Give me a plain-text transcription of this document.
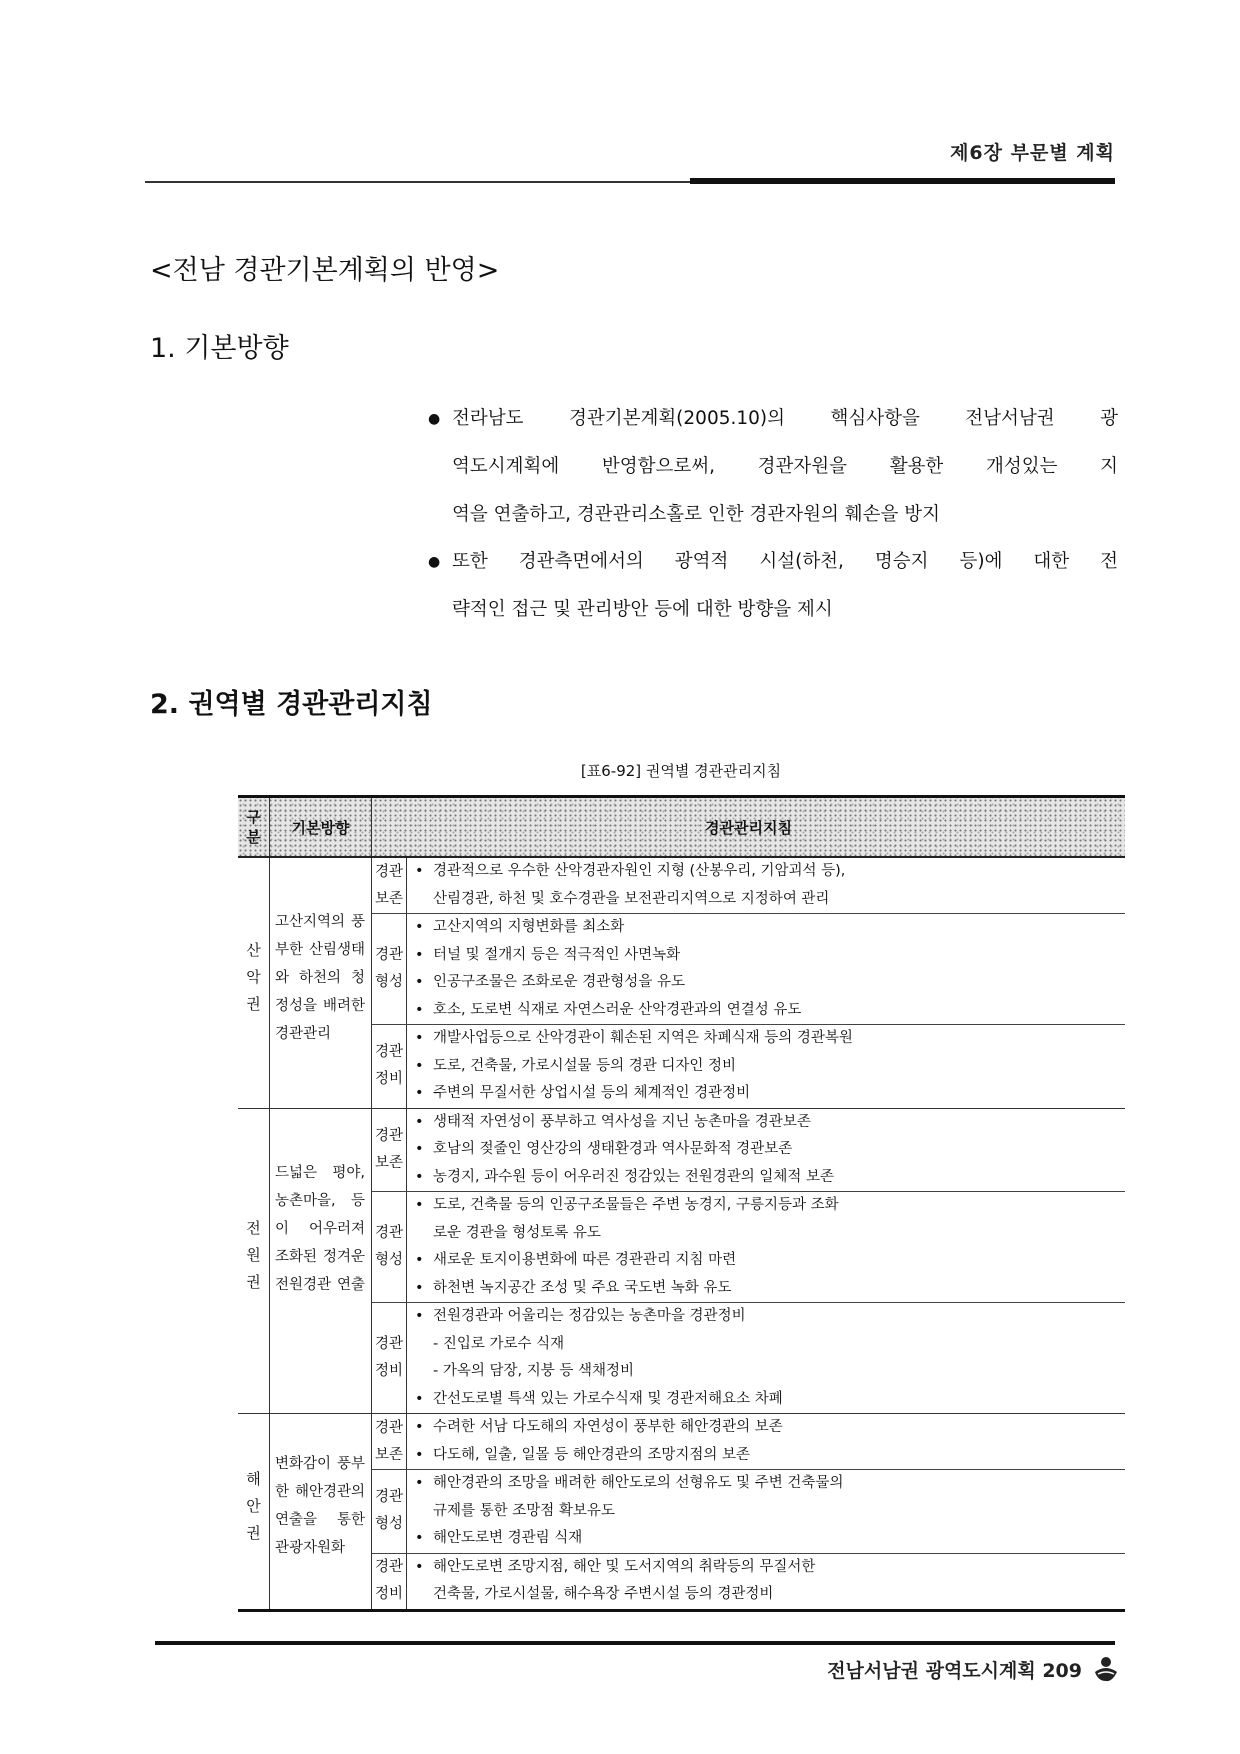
제6장 부문별 계획
<전남 경관기본계획의 반영>
1. 기본방향
● 전라남도 경관기본계획(2005.10)의 핵심사항을 전남서남권 광
역도시계획에 반영함으로써, 경관자원을 활용한 개성있는 지
역을 연출하고, 경관관리소홀로 인한 경관자원의 훼손을 방지
● 또한 경관측면에서의 광역적 시설(하천, 명승지 등)에 대한 전
략적인 접근 및 관리방안 등에 대한 방향을 제시
2. 권역별 경관관리지침
[표6-92] 권역별 경관관리지침
구
분
기본방향	경관관리지침
산악권
고산지역의 풍부한 산림생태와 하천의 청정성을 배려한 경관관리
경관 보존
• 경관적으로 우수한 산악경관자원인 지형 (산봉우리, 기암괴석 등),
산림경관, 하천 및 호수경관을 보전관리지역으로 지정하여 관리
경관 형성
• 고산지역의 지형변화를 최소화
• 터널 및 절개지 등은 적극적인 사면녹화
• 인공구조물은 조화로운 경관형성을 유도
• 호소, 도로변 식재로 자연스러운 산악경관과의 연결성 유도
경관 정비
• 개발사업등으로 산악경관이 훼손된 지역은 차폐식재 등의 경관복원
• 도로, 건축물, 가로시설물 등의 경관 디자인 정비
• 주변의 무질서한 상업시설 등의 체계적인 경관정비
전원권
드넓은 평야, 농촌마을, 등이 어우러져 조화된 정겨운 전원경관 연출
경관 보존
• 생태적 자연성이 풍부하고 역사성을 지닌 농촌마을 경관보존
• 호남의 젖줄인 영산강의 생태환경과 역사문화적 경관보존
• 농경지, 과수원 등이 어우러진 정감있는 전원경관의 일체적 보존
경관 형성
• 도로, 건축물 등의 인공구조물들은 주변 농경지, 구릉지등과 조화
로운 경관을 형성토록 유도
• 새로운 토지이용변화에 따른 경관관리 지침 마련
• 하천변 녹지공간 조성 및 주요 국도변 녹화 유도
경관 정비
• 전원경관과 어울리는 정감있는 농촌마을 경관정비
- 진입로 가로수 식재
- 가옥의 담장, 지붕 등 색채정비
• 간선도로별 특색 있는 가로수식재 및 경관저해요소 차폐
해안권
변화감이 풍부한 해안경관의 연출을 통한 관광자원화
경관 보존
• 수려한 서남 다도해의 자연성이 풍부한 해안경관의 보존
• 다도해, 일출, 일몰 등 해안경관의 조망지점의 보존
경관 형성
• 해안경관의 조망을 배려한 해안도로의 선형유도 및 주변 건축물의
규제를 통한 조망점 확보유도
• 해안도로변 경관림 식재
경관 정비
• 해안도로변 조망지점, 해안 및 도서지역의 취락등의 무질서한
건축물, 가로시설물, 해수욕장 주변시설 등의 경관정비
전남서남권 광역도시계획 209
